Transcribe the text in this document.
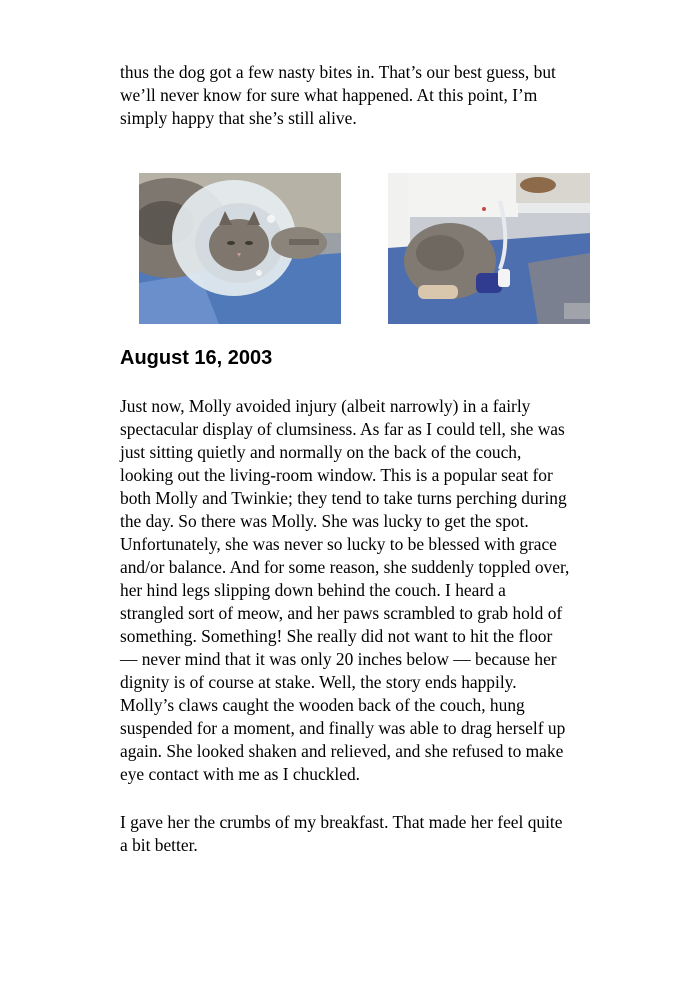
thus the dog got a few nasty bites in. That’s our best guess, but
we’ll never know for sure what happened. At this point, I’m
simply happy that she’s still alive.

August 16, 2003

Just now, Molly avoided injury (albeit narrowly) in a fairly
spectacular display of clumsiness. As far as I could tell, she was
just sitting quietly and normally on the back of the couch,
looking out the living-room window. This is a popular seat for
both Molly and Twinkie; they tend to take turns perching during
the day. So there was Molly. She was lucky to get the spot.
Unfortunately, she was never so lucky to be blessed with grace
and/or balance. And for some reason, she suddenly toppled over,
her hind legs slipping down behind the couch. I heard a
strangled sort of meow, and her paws scrambled to grab hold of
something. Something! She really did not want to hit the floor
— never mind that it was only 20 inches below — because her
dignity is of course at stake. Well, the story ends happily.
Molly’s claws caught the wooden back of the couch, hung
suspended for a moment, and finally was able to drag herself up
again. She looked shaken and relieved, and she refused to make
eye contact with me as I chuckled.

I gave her the crumbs of my breakfast. That made her feel quite
a bit better.
